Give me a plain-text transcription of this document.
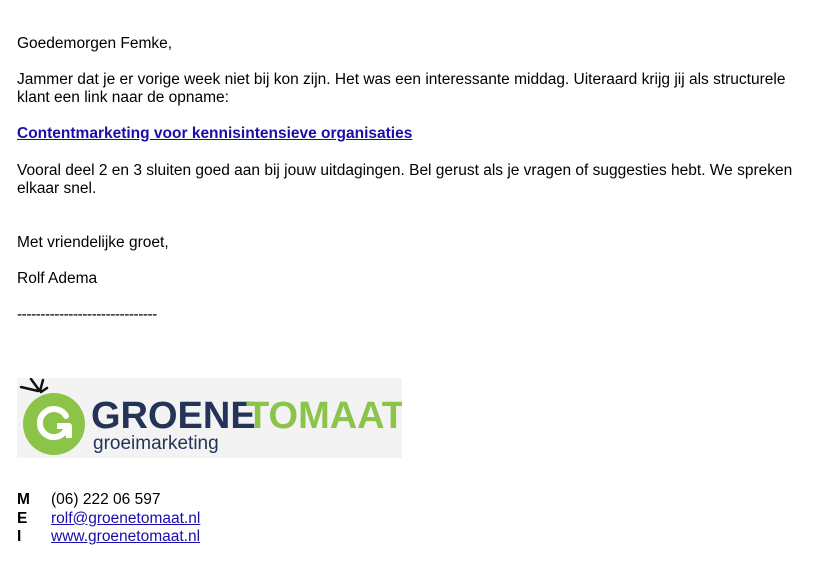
Goedemorgen Femke,

Jammer dat je er vorige week niet bij kon zijn. Het was een interessante middag. Uiteraard krijg jij als structurele

klant een link naar de opname:

Contentmarketing voor kennisintensieve organisaties

Vooral deel 2 en 3 sluiten goed aan bij jouw uitdagingen. Bel gerust als je vragen of suggesties hebt. We spreken

elkaar snel.

Met vriendelijke groet,

Rolf Adema

------------------------------

GROENE
TOMAAT
groeimarketing
M	(06) 222 06 597
E	rolf@groenetomaat.nl
I	www.groenetomaat.nl
